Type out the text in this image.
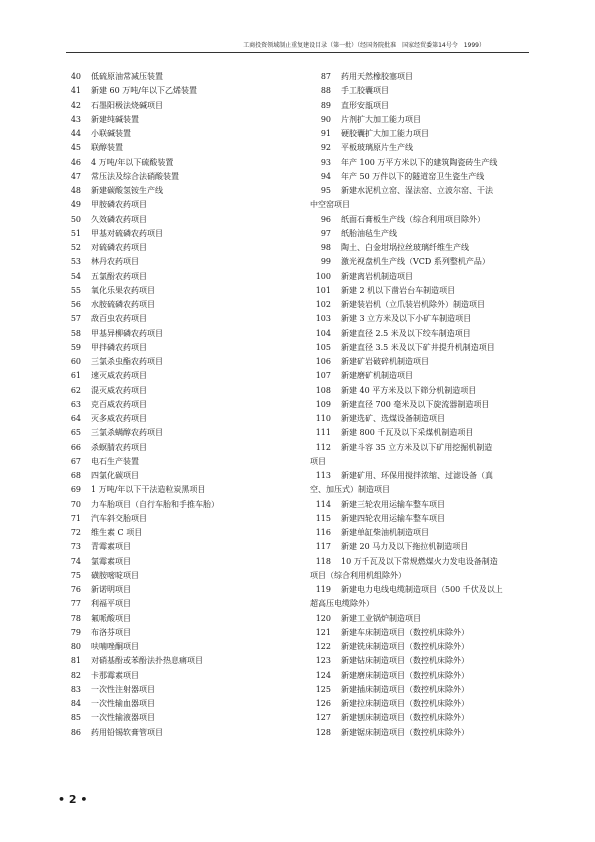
工商投资领域制止重复建设目录（第一批）（经国务院批准　国家经贸委第14号令　1999）
40	低硫原油常减压装置
41	新建 60 万吨/年以下乙烯装置
42	石墨阳极法烧碱项目
43	新建纯碱装置
44	小联碱装置
45	联醇装置
46	4 万吨/年以下硫酸装置
47	常压法及综合法硝酸装置
48	新建碳酸氢铵生产线
49	甲胺磷农药项目
50	久效磷农药项目
51	甲基对硫磷农药项目
52	对硫磷农药项目
53	林丹农药项目
54	五氯酚农药项目
55	氧化乐果农药项目
56	水胺硫磷农药项目
57	敌百虫农药项目
58	甲基异柳磷农药项目
59	甲拌磷农药项目
60	三氯杀虫酯农药项目
61	速灭威农药项目
62	混灭威农药项目
63	克百威农药项目
64	灭多威农药项目
65	三氯杀螨醇农药项目
66	杀螟腈农药项目
67	电石生产装置
68	四氯化碳项目
69	1 万吨/年以下干法造粒炭黑项目
70	力车胎项目（自行车胎和手推车胎）
71	汽车斜交胎项目
72	维生素 C 项目
73	青霉素项目
74	氯霉素项目
75	磺胺嘧啶项目
76	新诺明项目
77	利福平项目
78	氟哌酸项目
79	布洛芬项目
80	呋喃唑酮项目
81	对硝基酚或苯酚法扑热息痛项目
82	卡那霉素项目
83	一次性注射器项目
84	一次性输血器项目
85	一次性输液器项目
86	药用铅锡软膏管项目
87	药用天然橡胶塞项目
88	手工胶囊项目
89	直形安瓿项目
90	片剂扩大加工能力项目
91	硬胶囊扩大加工能力项目
92	平板玻璃原片生产线
93	年产 100 万平方米以下的建筑陶瓷砖生产线
94	年产 50 万件以下的隧道窑卫生瓷生产线
95	新建水泥机立窑、湿法窑、立波尔窑、干法
中空窑项目
96	纸面石膏板生产线（综合利用项目除外）
97	纸胎油毡生产线
98	陶土、白金坩埚拉丝玻璃纤维生产线
99	激光视盘机生产线（VCD 系列整机产品）
100	新建离岩机制造项目
101	新建 2 机以下凿岩台车制造项目
102	新建装岩机（立爪装岩机除外）制造项目
103	新建 3 立方米及以下小矿车制造项目
104	新建直径 2.5 米及以下绞车制造项目
105	新建直径 3.5 米及以下矿井提升机制造项目
106	新建矿岩破碎机制造项目
107	新建磨矿机制造项目
108	新建 40 平方米及以下筛分机制造项目
109	新建直径 700 毫米及以下旋流器制造项目
110	新建选矿、选煤设备制造项目
111	新建 800 千瓦及以下采煤机制造项目
112	新建斗容 35 立方米及以下矿用挖掘机制造
项目
113	新建矿用、环保用搅拌浓缩、过滤设备（真
空、加压式）制造项目
114	新建三轮农用运输车整车项目
115	新建四轮农用运输车整车项目
116	新建单缸柴油机制造项目
117	新建 20 马力及以下拖拉机制造项目
118	10 万千瓦及以下常规燃煤火力发电设备制造
项目（综合利用机组除外）
119	新建电力电线电缆制造项目（500 千伏及以上
超高压电缆除外）
120	新建工业锅炉制造项目
121	新建车床制造项目（数控机床除外）
122	新建铣床制造项目（数控机床除外）
123	新建钻床制造项目（数控机床除外）
124	新建磨床制造项目（数控机床除外）
125	新建插床制造项目（数控机床除外）
126	新建拉床制造项目（数控机床除外）
127	新建刨床制造项目（数控机床除外）
128	新建锯床制造项目（数控机床除外）
• 2 •
